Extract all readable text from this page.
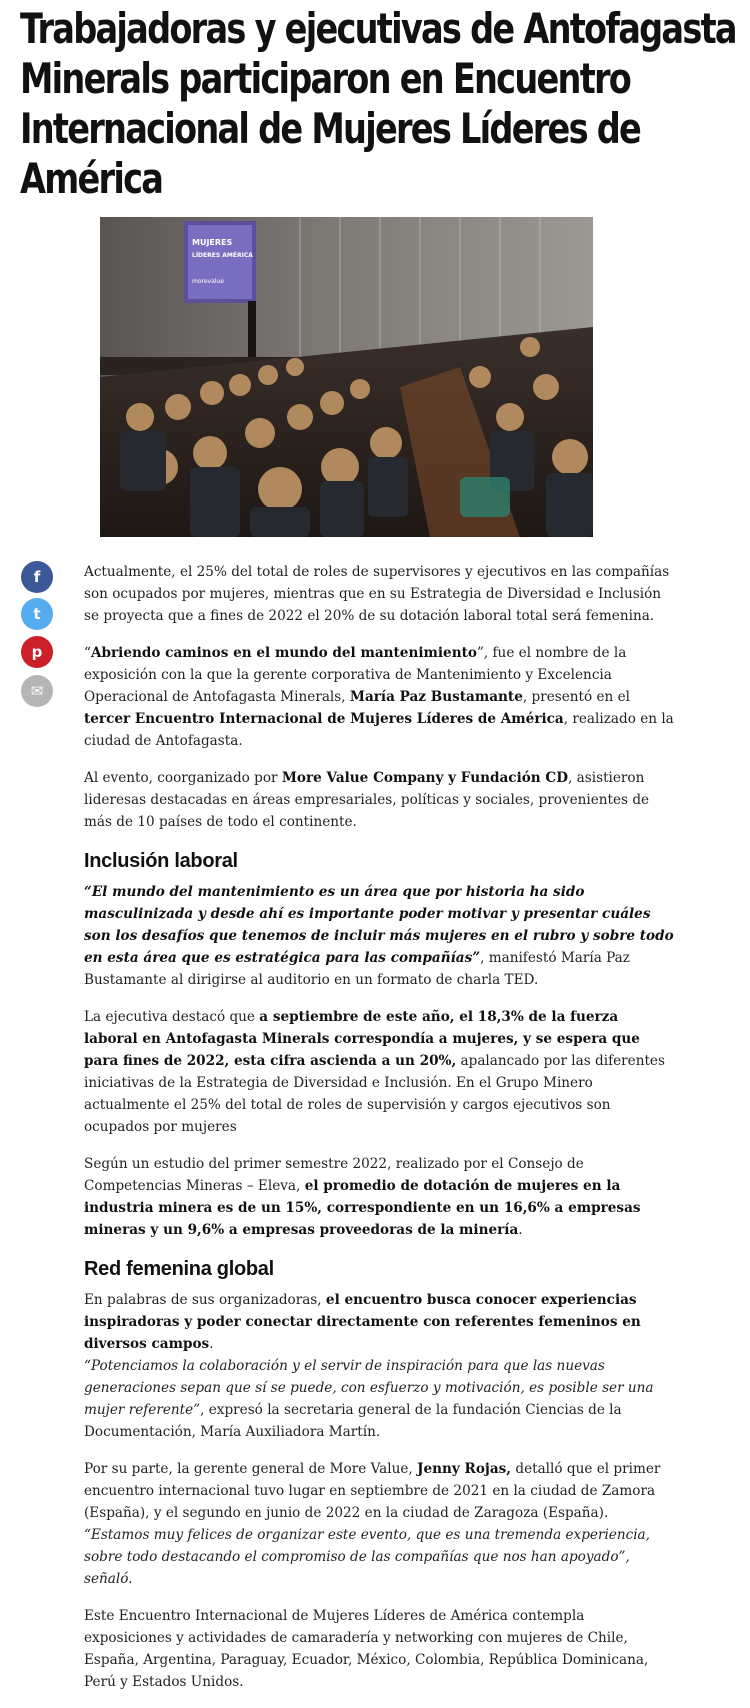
Trabajadoras y ejecutivas de Antofagasta Minerals participaron en Encuentro Internacional de Mujeres Líderes de América
MUJERES
LÍDERES AMÉRICA
morevalue
f
t
p
✉

Actualmente, el 25% del total de roles de supervisores y ejecutivos en las compañías son ocupados por mujeres, mientras que en su Estrategia de Diversidad e Inclusión se proyecta que a fines de 2022 el 20% de su dotación laboral total será femenina.

“Abriendo caminos en el mundo del mantenimiento”, fue el nombre de la exposición con la que la gerente corporativa de Mantenimiento y Excelencia Operacional de Antofagasta Minerals, María Paz Bustamante, presentó en el tercer Encuentro Internacional de Mujeres Líderes de América, realizado en la ciudad de Antofagasta.

Al evento, coorganizado por More Value Company y Fundación CD, asistieron lideresas destacadas en áreas empresariales, políticas y sociales, provenientes de más de 10 países de todo el continente.

Inclusión laboral

“El mundo del mantenimiento es un área que por historia ha sido masculinizada y desde ahí es importante poder motivar y presentar cuáles son los desafíos que tenemos de incluir más mujeres en el rubro y sobre todo en esta área que es estratégica para las compañías”, manifestó María Paz Bustamante al dirigirse al auditorio en un formato de charla TED.

La ejecutiva destacó que a septiembre de este año, el 18,3% de la fuerza laboral en Antofagasta Minerals correspondía a mujeres, y se espera que para fines de 2022, esta cifra ascienda a un 20%, apalancado por las diferentes iniciativas de la Estrategia de Diversidad e Inclusión. En el Grupo Minero actualmente el 25% del total de roles de supervisión y cargos ejecutivos son ocupados por mujeres

Según un estudio del primer semestre 2022, realizado por el Consejo de Competencias Mineras – Eleva, el promedio de dotación de mujeres en la industria minera es de un 15%, correspondiente en un 16,6% a empresas mineras y un 9,6% a empresas proveedoras de la minería.

Red femenina global

En palabras de sus organizadoras, el encuentro busca conocer experiencias inspiradoras y poder conectar directamente con referentes femeninos en diversos campos.
“Potenciamos la colaboración y el servir de inspiración para que las nuevas generaciones sepan que sí se puede, con esfuerzo y motivación, es posible ser una mujer referente”, expresó la secretaria general de la fundación Ciencias de la Documentación, María Auxiliadora Martín.

Por su parte, la gerente general de More Value, Jenny Rojas, detalló que el primer encuentro internacional tuvo lugar en septiembre de 2021 en la ciudad de Zamora (España), y el segundo en junio de 2022 en la ciudad de Zaragoza (España). “Estamos muy felices de organizar este evento, que es una tremenda experiencia, sobre todo destacando el compromiso de las compañías que nos han apoyado”, señaló.

Este Encuentro Internacional de Mujeres Líderes de América contempla exposiciones y actividades de camaradería y networking con mujeres de Chile, España, Argentina, Paraguay, Ecuador, México, Colombia, República Dominicana, Perú y Estados Unidos.
